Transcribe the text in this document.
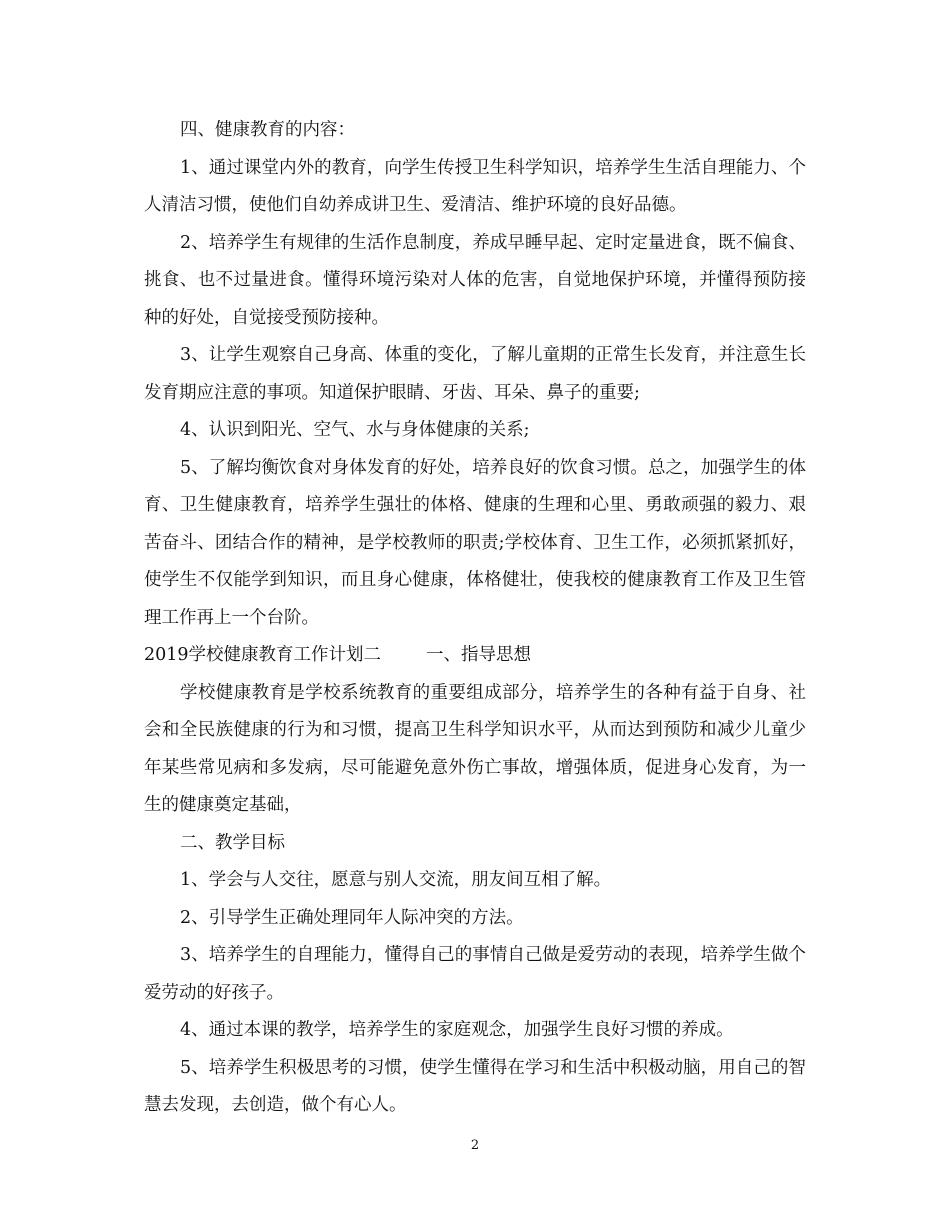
四、健康教育的内容：

1、通过课堂内外的教育，向学生传授卫生科学知识，培养学生生活自理能力、个人清洁习惯，使他们自幼养成讲卫生、爱清洁、维护环境的良好品德。

2、培养学生有规律的生活作息制度，养成早睡早起、定时定量进食，既不偏食、挑食、也不过量进食。懂得环境污染对人体的危害，自觉地保护环境，并懂得预防接种的好处，自觉接受预防接种。

3、让学生观察自己身高、体重的变化，了解儿童期的正常生长发育，并注意生长发育期应注意的事项。知道保护眼睛、牙齿、耳朵、鼻子的重要;

4、认识到阳光、空气、水与身体健康的关系;

5、了解均衡饮食对身体发育的好处，培养良好的饮食习惯。总之，加强学生的体育、卫生健康教育，培养学生强壮的体格、健康的生理和心里、勇敢顽强的毅力、艰苦奋斗、团结合作的精神，是学校教师的职责;学校体育、卫生工作，必须抓紧抓好，使学生不仅能学到知识，而且身心健康，体格健壮，使我校的健康教育工作及卫生管理工作再上一个台阶。

2019学校健康教育工作计划二	一、指导思想

学校健康教育是学校系统教育的重要组成部分，培养学生的各种有益于自身、社会和全民族健康的行为和习惯，提高卫生科学知识水平，从而达到预防和减少儿童少年某些常见病和多发病，尽可能避免意外伤亡事故，增强体质，促进身心发育，为一生的健康奠定基础，

二、教学目标

1、学会与人交往，愿意与别人交流，朋友间互相了解。

2、引导学生正确处理同年人际冲突的方法。

3、培养学生的自理能力，懂得自己的事情自己做是爱劳动的表现，培养学生做个爱劳动的好孩子。

4、通过本课的教学，培养学生的家庭观念，加强学生良好习惯的养成。

5、培养学生积极思考的习惯，使学生懂得在学习和生活中积极动脑，用自己的智慧去发现，去创造，做个有心人。

2
